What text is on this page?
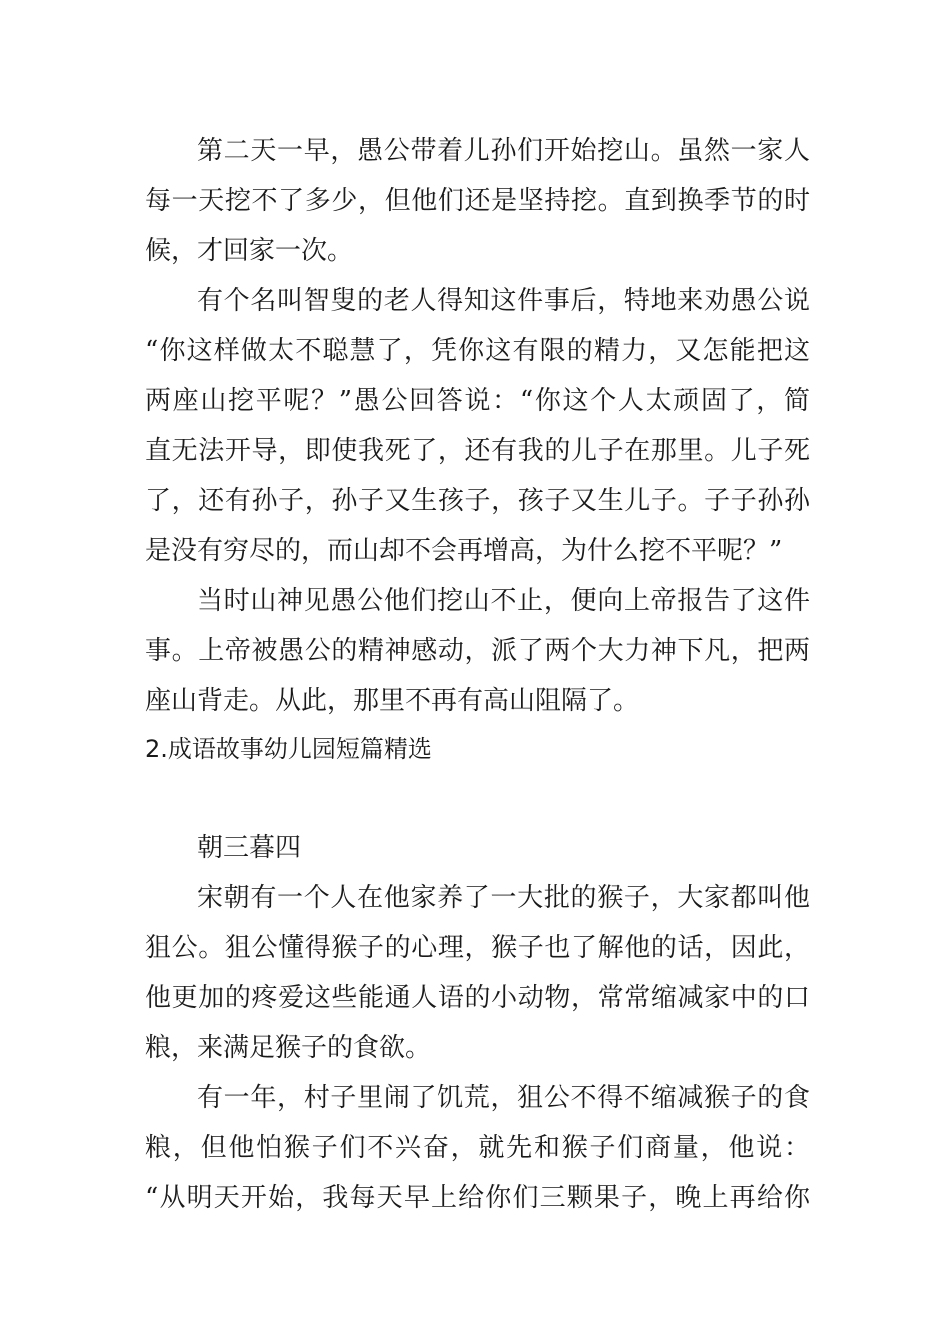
第二天一早，愚公带着儿孙们开始挖山。虽然一家人
每一天挖不了多少，但他们还是坚持挖。直到换季节的时
候，才回家一次。
有个名叫智叟的老人得知这件事后，特地来劝愚公说
“你这样做太不聪慧了，凭你这有限的精力，又怎能把这
两座山挖平呢？”愚公回答说：“你这个人太顽固了，简
直无法开导，即使我死了，还有我的儿子在那里。儿子死
了，还有孙子，孙子又生孩子，孩子又生儿子。子子孙孙
是没有穷尽的，而山却不会再增高，为什么挖不平呢？”
当时山神见愚公他们挖山不止，便向上帝报告了这件
事。上帝被愚公的精神感动，派了两个大力神下凡，把两
座山背走。从此，那里不再有高山阻隔了。
2.成语故事幼儿园短篇精选
朝三暮四
宋朝有一个人在他家养了一大批的猴子，大家都叫他
狙公。狙公懂得猴子的心理，猴子也了解他的话，因此，
他更加的疼爱这些能通人语的小动物，常常缩减家中的口
粮，来满足猴子的食欲。
有一年，村子里闹了饥荒，狙公不得不缩减猴子的食
粮，但他怕猴子们不兴奋，就先和猴子们商量，他说：
“从明天开始，我每天早上给你们三颗果子，晚上再给你
